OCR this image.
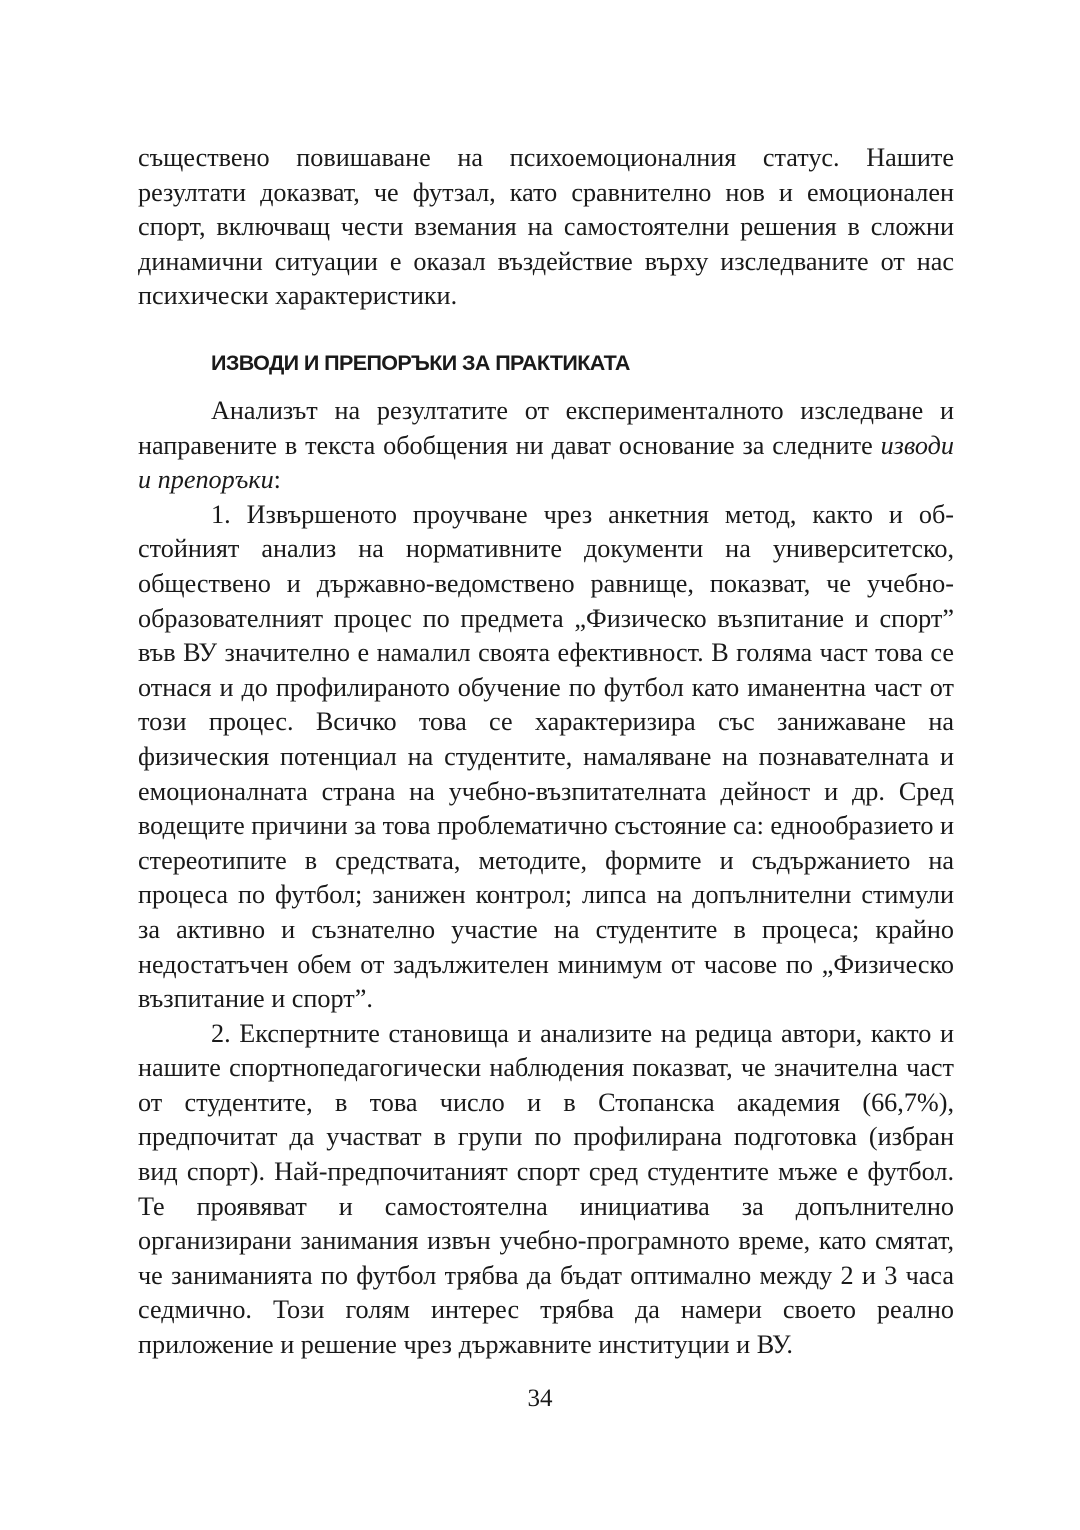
съществено повишаване на психоемоционалния статус. Нашите резултати доказват, че футзал, като сравнително нов и емоционален спорт, включващ чести вземания на самостоятелни решения в сложни динамични ситуации е оказал въздействие върху изследваните от нас психически характеристики.

ИЗВОДИ И ПРЕПОРЪКИ ЗА ПРАКТИКАТА

Анализът на резултатите от експерименталното изследване и направените в текста обобщения ни дават основание за следните изводи и препоръки:

1. Извършеното проучване чрез анкетния метод, както и обстойният анализ на нормативните документи на университетско, обществено и държавно-ведомствено равнище, показват, че учебно-образователният процес по предмета „Физическо възпитание и спорт” във ВУ значително е намалил своята ефективност. В голяма част това се отнася и до профилираното обучение по футбол като иманентна част от този процес. Всичко това се характеризира със занижаване на физическия потенциал на студентите, намаляване на познавателната и емоционалната страна на учебно-възпитателната дейност и др. Сред водещите причини за това проблематично състояние са: еднообразието и стереотипите в средствата, методите, формите и съдържанието на процеса по футбол; занижен контрол; липса на допълнителни стимули за активно и съзнателно участие на студентите в процеса; крайно недостатъчен обем от задължителен минимум от часове по „Физическо възпитание и спорт”.

2. Експертните становища и анализите на редица автори, както и нашите спортнопедагогически наблюдения показват, че значителна част от студентите, в това число и в Стопанска академия (66,7%), предпочитат да участват в групи по профилирана подготовка (избран вид спорт). Най-предпочитаният спорт сред студентите мъже е футбол. Те проявяват и самостоятелна инициатива за допълнително организирани занимания извън учебно-програмното време, като смятат, че заниманията по футбол трябва да бъдат оптимално между 2 и 3 часа седмично. Този голям интерес трябва да намери своето реално приложение и решение чрез държавните институции и ВУ.

34
